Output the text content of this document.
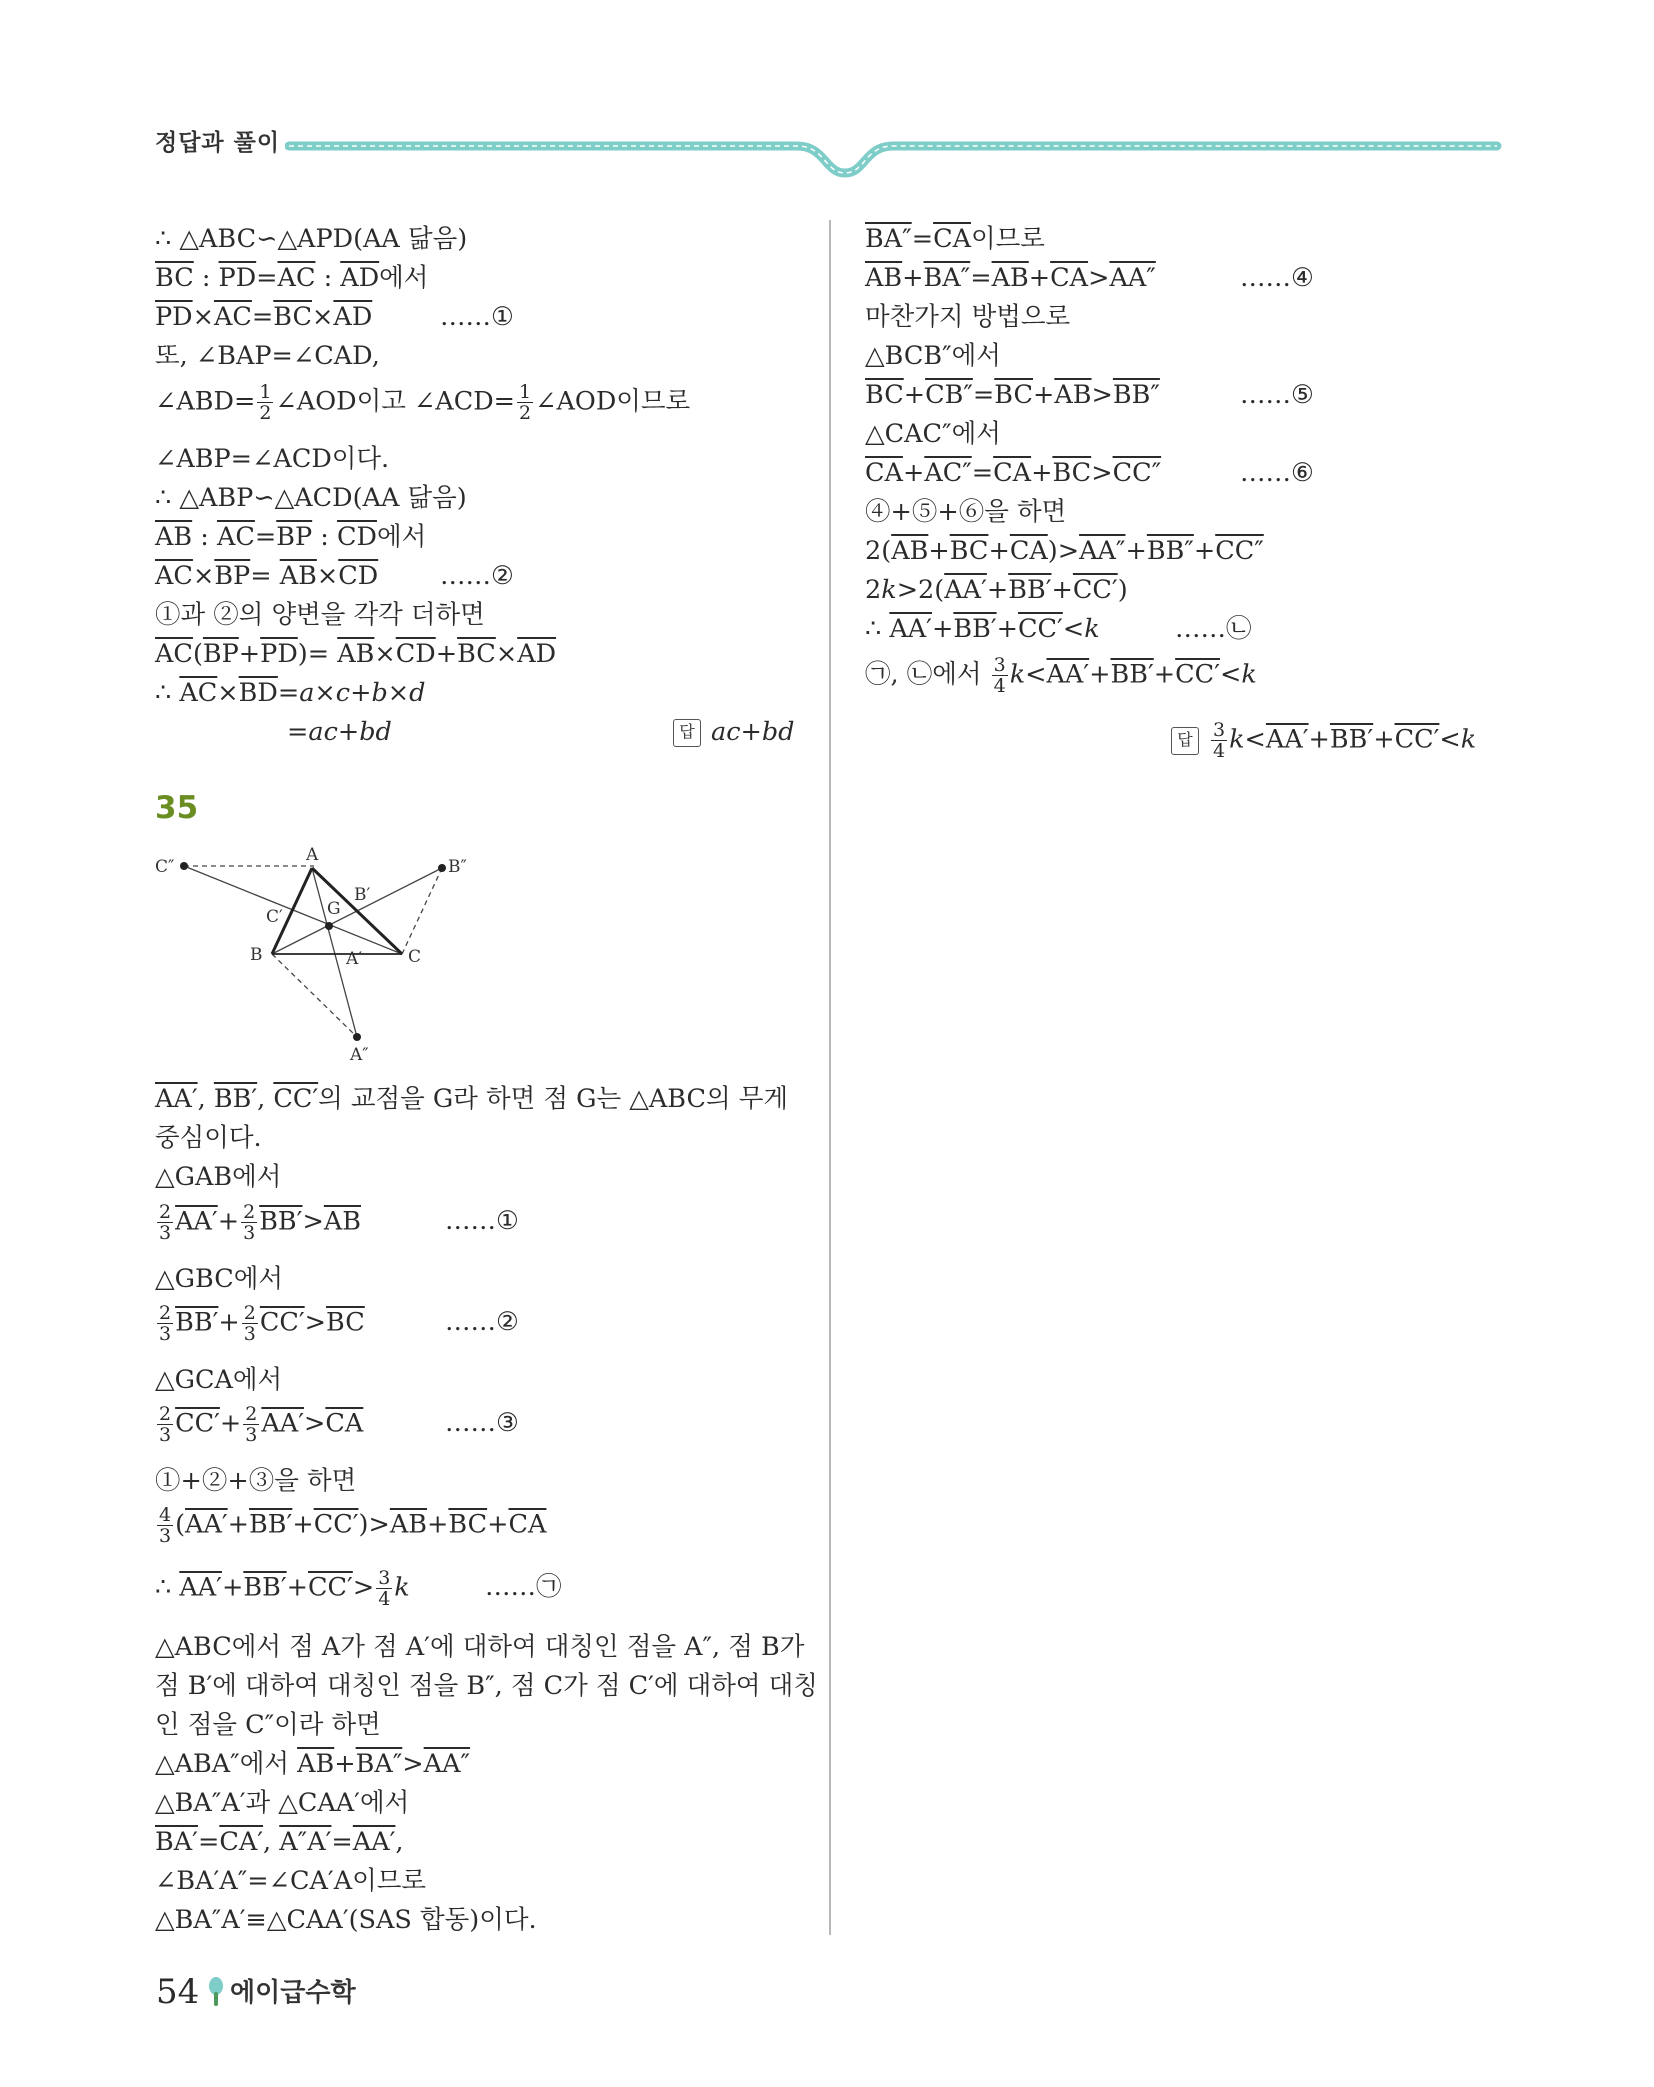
정답과 풀이
∴ △ABC∽△APD(AA 닮음)
$\overline{BC}$ : $\overline{PD}=\overline{AC}$ : $\overline{AD}$에서
$\overline{PD}\times\overline{AC}=\overline{BC}\times\overline{AD}$	……①
또, ∠BAP=∠CAD,
∠ABD= $\frac{1}{2}$ ∠AOD이고 ∠ACD= $\frac{1}{2}$ ∠AOD이므로
∠ABP=∠ACD이다.
∴ △ABP∽△ACD(AA 닮음)
$\overline{AB}$ : $\overline{AC}=\overline{BP}$ : $\overline{CD}$에서
$\overline{AC}\times\overline{BP}= \overline{AB}\times\overline{CD}$ ……②
①과 ②의 양변을 각각 더하면
$\overline{AC}(\overline{BP}+\overline{PD})= \overline{AB}\times\overline{CD}+\overline{BC}\times\overline{AD}$
∴ $\overline{AC}\times\overline{BD}=a\times c+b\times d$
=ac+bd	답 ac+bd
35
A
B	C
G
A′
B′
C′
A″
B″
C″
AA′, BB′, CC′의 교점을 G라 하면 점 G는 △ABC의 무게
중심이다.
△GAB에서
$\frac{2}{3} AA'+ \frac{2}{3} BB'>\overline{AB}$	……①
△GBC에서
$\frac{2}{3} BB'+ \frac{2}{3} CC'>\overline{BC}$	……②
△GCA에서
$\frac{2}{3} CC'+ \frac{2}{3} AA'>\overline{CA}$	……③
①+②+③을 하면
$\frac{4}{3} (AA'+BB'+CC')>\overline{AB}+\overline{BC}+\overline{CA}$
∴ $AA'+BB'+CC'> \frac{3}{4}$ k	……㉠
△ABC에서 점 A가 점 A′에 대하여 대칭인 점을 A″, 점 B가
점 B′에 대하여 대칭인 점을 B″, 점 C가 점 C′에 대하여 대칭
인 점을 C″이라 하면
△ABA″에서 $\overline{AB}+BA''>AA''$
△BA″A′과 △CAA′에서
BA′=CA′, A″A′=AA′,
∠BA′A″=∠CA′A이므로
△BA″A′≡△CAA′(SAS 합동)이다.
$BA''=\overline{CA}$이므로
$\overline{AB}+BA''=\overline{AB}+\overline{CA}>AA''$	……④
마찬가지 방법으로
△BCB″에서
$\overline{BC}+CB''=\overline{BC}+\overline{AB}>BB''$	……⑤
△CAC″에서
$\overline{CA}+AC''=\overline{CA}+\overline{BC}>CC''$	……⑥
④+⑤+⑥을 하면
$2(\overline{AB}+\overline{BC}+\overline{CA})>AA''+BB''+CC''$
2k>2(AA′+BB′+CC′)
∴ AA′+BB′+CC′<k	……㉡
㉠, ㉡에서 $\frac{3}{4} k<AA'+BB'+CC'<k$
답 $\frac{3}{4} k<AA'+BB'+CC'<k$
54 에이급수학
